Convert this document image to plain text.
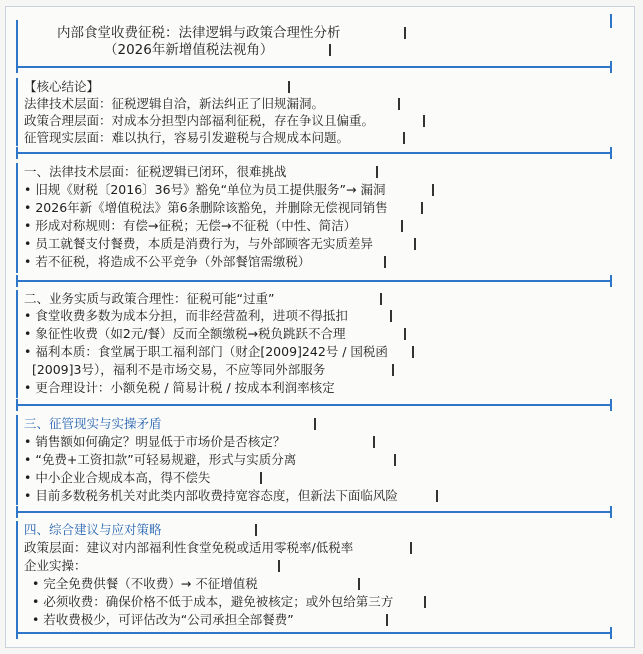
内部食堂收费征税：法律逻辑与政策合理性分析
（2026年新增值税法视角）
【核心结论】
法律技术层面：征税逻辑自洽，新法纠正了旧规漏洞。
政策合理层面：对成本分担型内部福利征税，存在争议且偏重。
征管现实层面：难以执行，容易引发避税与合规成本问题。
一、法律技术层面：征税逻辑已闭环，很难挑战
• 旧规《财税〔2016〕36号》豁免“单位为员工提供服务”→ 漏洞
• 2026年新《增值税法》第6条删除该豁免，并删除无偿视同销售
• 形成对称规则：有偿→征税；无偿→不征税（中性、简洁）
• 员工就餐支付餐费，本质是消费行为，与外部顾客无实质差异
• 若不征税，将造成不公平竞争（外部餐馆需缴税）
二、业务实质与政策合理性：征税可能“过重”
• 食堂收费多数为成本分担，而非经营盈利，进项不得抵扣
• 象征性收费（如2元/餐）反而全额缴税→税负跳跃不合理
• 福利本质：食堂属于职工福利部门（财企[2009]242号 / 国税函
[2009]3号），福利不是市场交易，不应等同外部服务
• 更合理设计：小额免税 / 简易计税 / 按成本利润率核定
三、征管现实与实操矛盾
• 销售额如何确定？明显低于市场价是否核定？
• “免费+工资扣款”可轻易规避，形式与实质分离
• 中小企业合规成本高，得不偿失
• 目前多数税务机关对此类内部收费持宽容态度，但新法下面临风险
四、综合建议与应对策略
政策层面：建议对内部福利性食堂免税或适用零税率/低税率
企业实操：
• 完全免费供餐（不收费）→ 不征增值税
• 必须收费：确保价格不低于成本，避免被核定；或外包给第三方
• 若收费极少，可评估改为“公司承担全部餐费”
